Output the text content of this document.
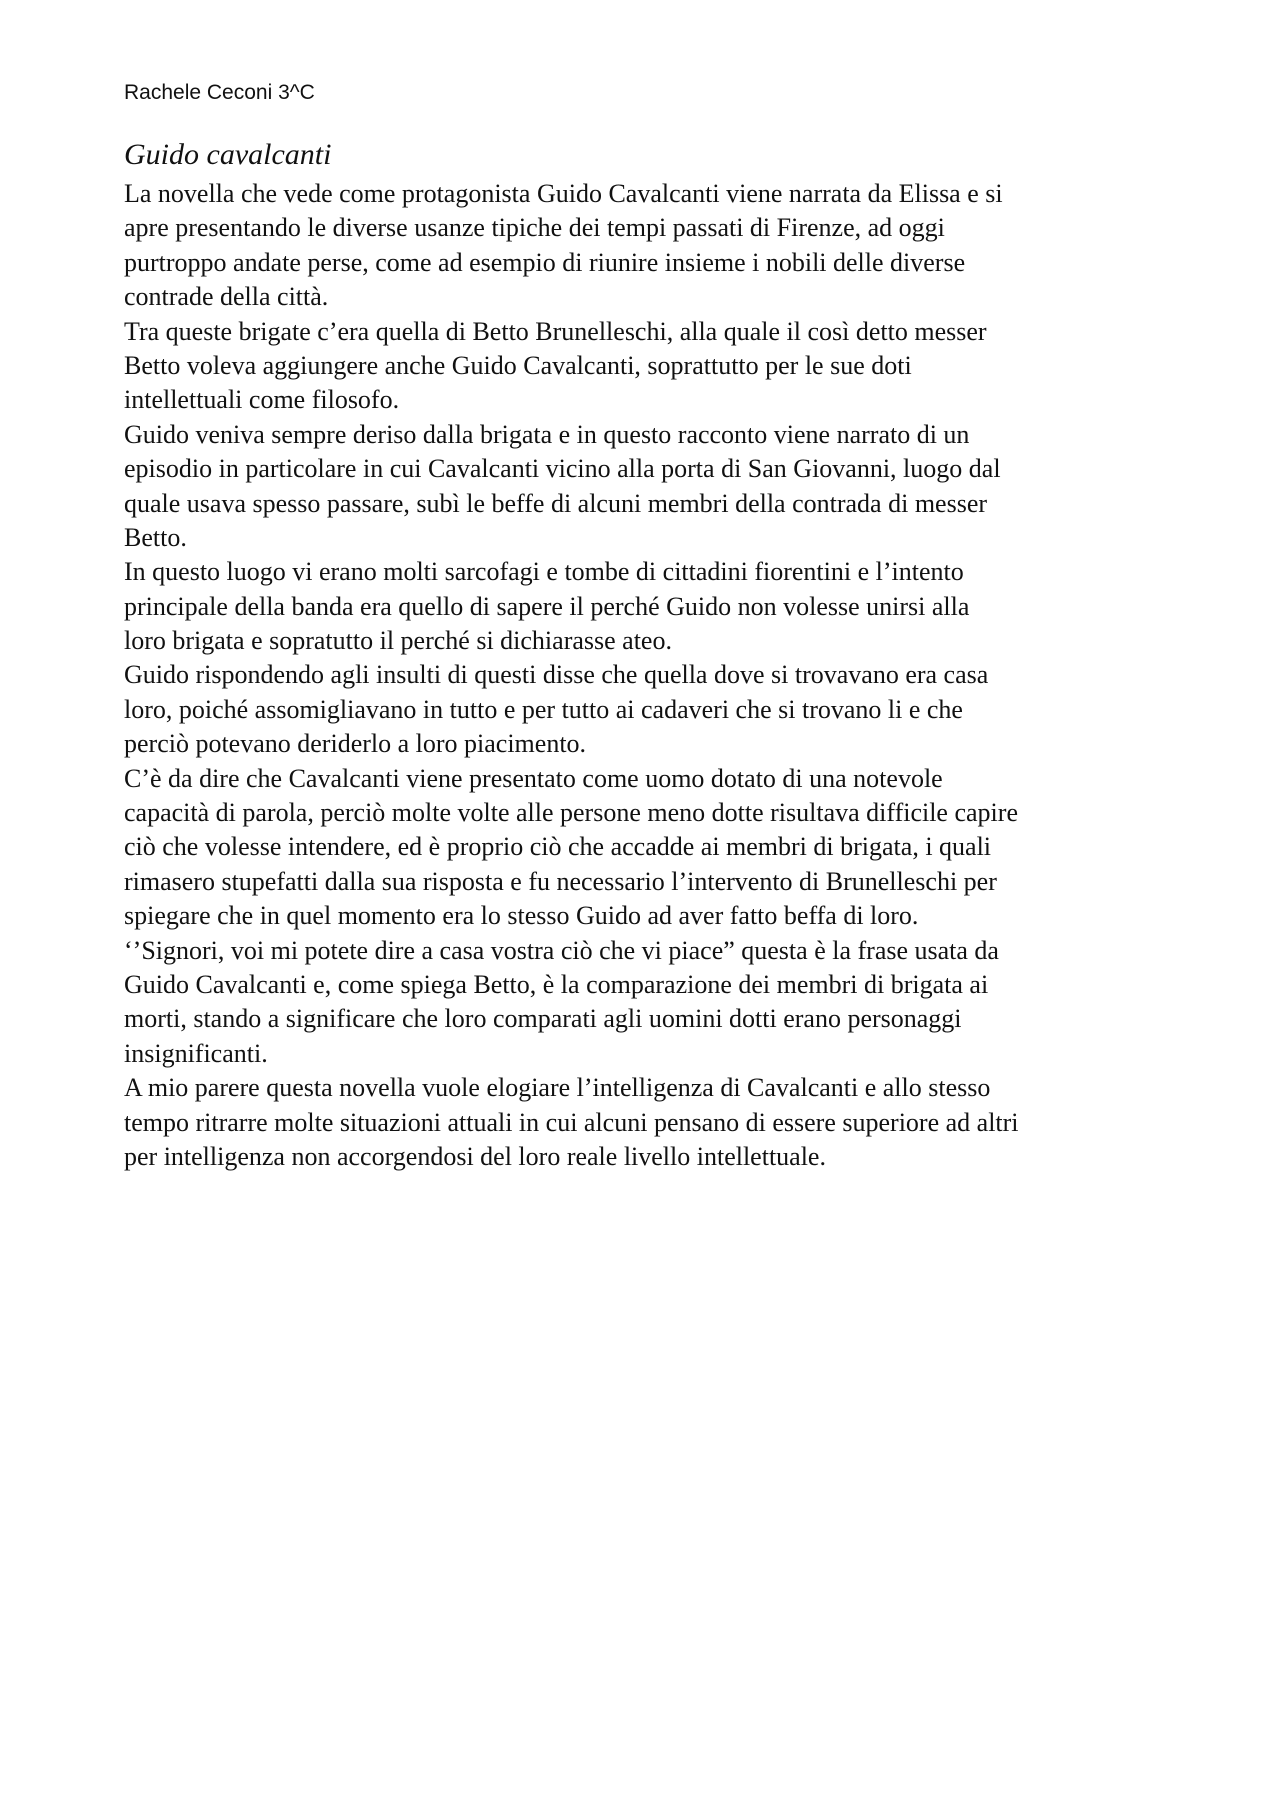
Rachele Ceconi 3^C
Guido cavalcanti
La novella che vede come protagonista Guido Cavalcanti viene narrata da Elissa e si
apre presentando le diverse usanze tipiche dei tempi passati di Firenze, ad oggi
purtroppo andate perse, come ad esempio di riunire insieme i nobili delle diverse
contrade della città.
Tra queste brigate c’era quella di Betto Brunelleschi, alla quale il così detto messer
Betto voleva aggiungere anche Guido Cavalcanti, soprattutto per le sue doti
intellettuali come filosofo.
Guido veniva sempre deriso dalla brigata e in questo racconto viene narrato di un
episodio in particolare in cui Cavalcanti vicino alla porta di San Giovanni, luogo dal
quale usava spesso passare, subì le beffe di alcuni membri della contrada di messer
Betto.
In questo luogo vi erano molti sarcofagi e tombe di cittadini fiorentini e l’intento
principale della banda era quello di sapere il perché Guido non volesse unirsi alla
loro brigata e sopratutto il perché si dichiarasse ateo.
Guido rispondendo agli insulti di questi disse che quella dove si trovavano era casa
loro, poiché assomigliavano in tutto e per tutto ai cadaveri che si trovano li e che
perciò potevano deriderlo a loro piacimento.
C’è da dire che Cavalcanti viene presentato come uomo dotato di una notevole
capacità di parola, perciò molte volte alle persone meno dotte risultava difficile capire
ciò che volesse intendere, ed è proprio ciò che accadde ai membri di brigata, i quali
rimasero stupefatti dalla sua risposta e fu necessario l’intervento di Brunelleschi per
spiegare che in quel momento era lo stesso Guido ad aver fatto beffa di loro.
‘’Signori, voi mi potete dire a casa vostra ciò che vi piace” questa è la frase usata da
Guido Cavalcanti e, come spiega Betto, è la comparazione dei membri di brigata ai
morti, stando a significare che loro comparati agli uomini dotti erano personaggi
insignificanti.
A mio parere questa novella vuole elogiare l’intelligenza di Cavalcanti e allo stesso
tempo ritrarre molte situazioni attuali in cui alcuni pensano di essere superiore ad altri
per intelligenza non accorgendosi del loro reale livello intellettuale.
